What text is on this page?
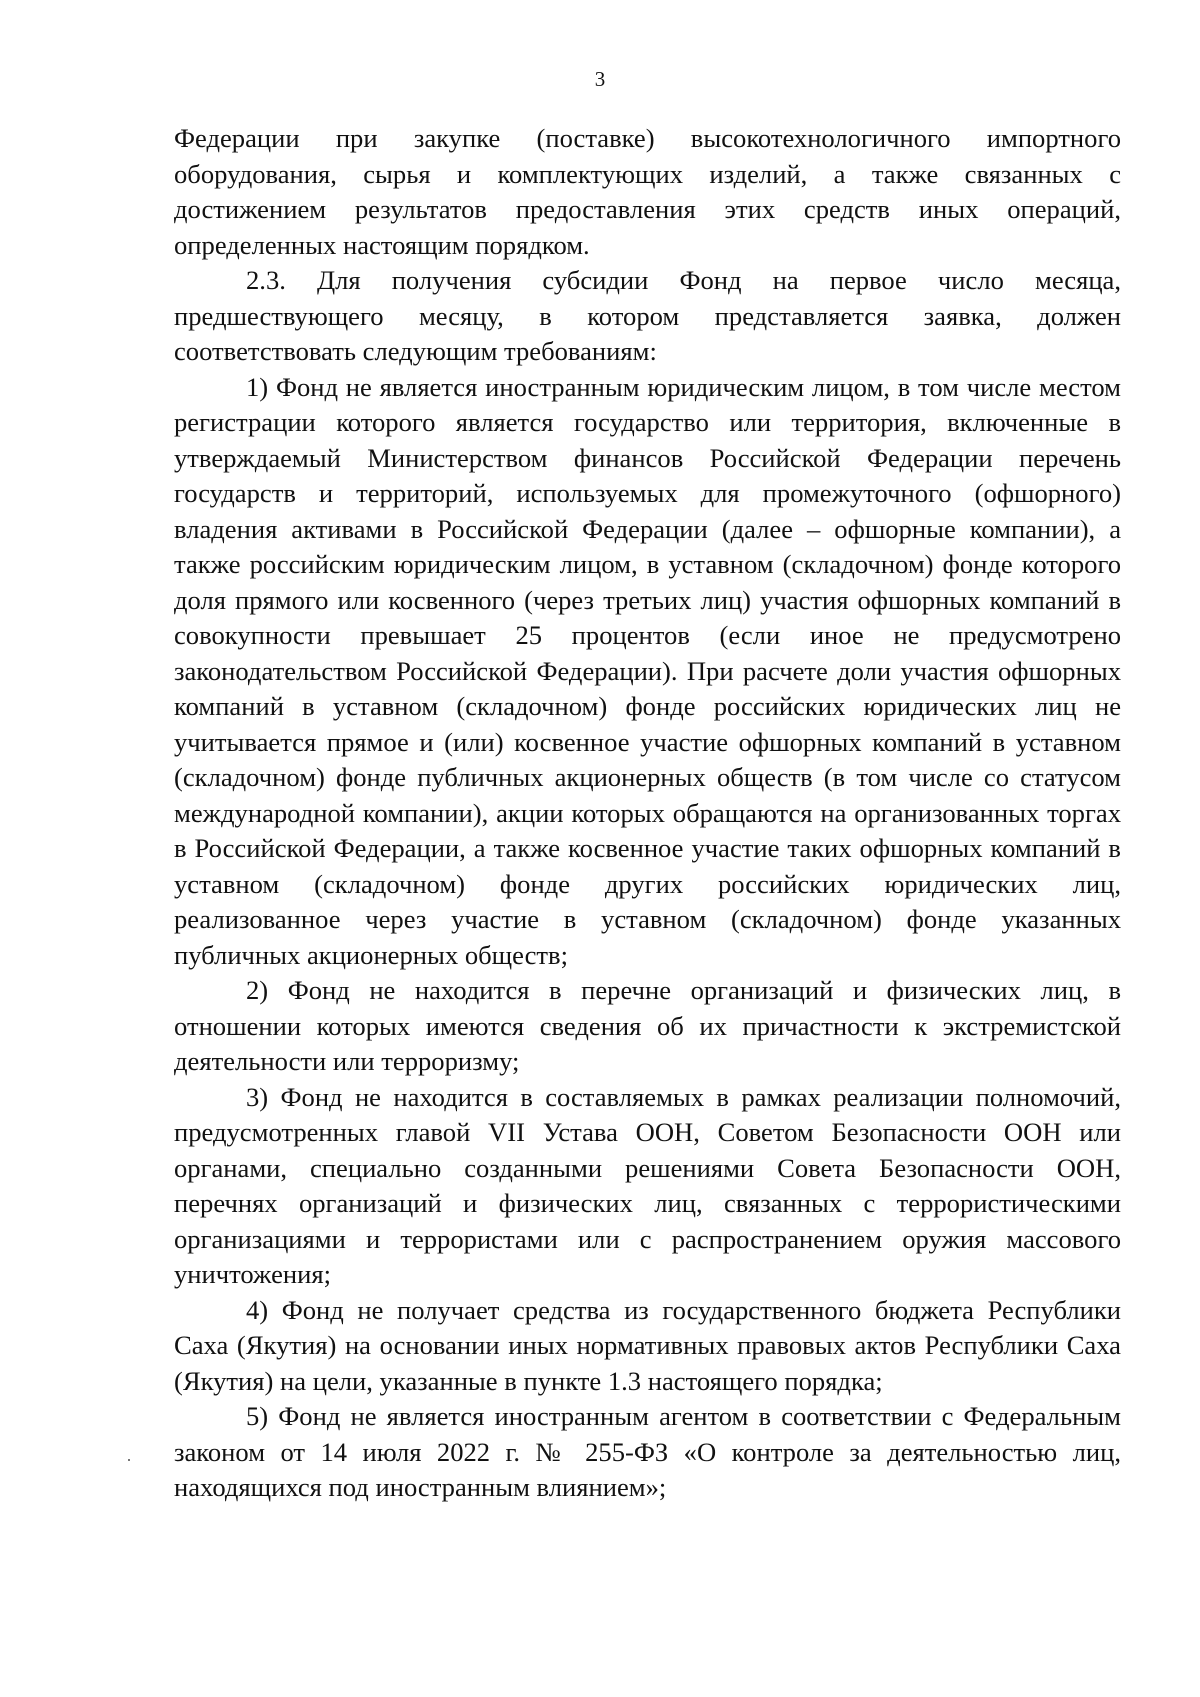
3

Федерации при закупке (поставке) высокотехнологичного импортного оборудования, сырья и комплектующих изделий, а также связанных с достижением результатов предоставления этих средств иных операций, определенных настоящим порядком.

2.3. Для получения субсидии Фонд на первое число месяца, предшествующего месяцу, в котором представляется заявка, должен соответствовать следующим требованиям:

1) Фонд не является иностранным юридическим лицом, в том числе местом регистрации которого является государство или территория, включенные в утверждаемый Министерством финансов Российской Федерации перечень государств и территорий, используемых для промежуточного (офшорного) владения активами в Российской Федерации (далее – офшорные компании), а также российским юридическим лицом, в уставном (складочном) фонде которого доля прямого или косвенного (через третьих лиц) участия офшорных компаний в совокупности превышает 25 процентов (если иное не предусмотрено законодательством Российской Федерации). При расчете доли участия офшорных компаний в уставном (складочном) фонде российских юридических лиц не учитывается прямое и (или) косвенное участие офшорных компаний в уставном (складочном) фонде публичных акционерных обществ (в том числе со статусом международной компании), акции которых обращаются на организованных торгах в Российской Федерации, а также косвенное участие таких офшорных компаний в уставном (складочном) фонде других российских юридических лиц, реализованное через участие в уставном (складочном) фонде указанных публичных акционерных обществ;

2) Фонд не находится в перечне организаций и физических лиц, в отношении которых имеются сведения об их причастности к экстремистской деятельности или терроризму;

3) Фонд не находится в составляемых в рамках реализации полномочий, предусмотренных главой VII Устава ООН, Советом Безопасности ООН или органами, специально созданными решениями Совета Безопасности ООН, перечнях организаций и физических лиц, связанных с террористическими организациями и террористами или с распространением оружия массового уничтожения;

4) Фонд не получает средства из государственного бюджета Республики Саха (Якутия) на основании иных нормативных правовых актов Республики Саха (Якутия) на цели, указанные в пункте 1.3 настоящего порядка;

5) Фонд не является иностранным агентом в соответствии с Федеральным законом от 14 июля 2022 г. № 255-ФЗ «О контроле за деятельностью лиц, находящихся под иностранным влиянием»;
